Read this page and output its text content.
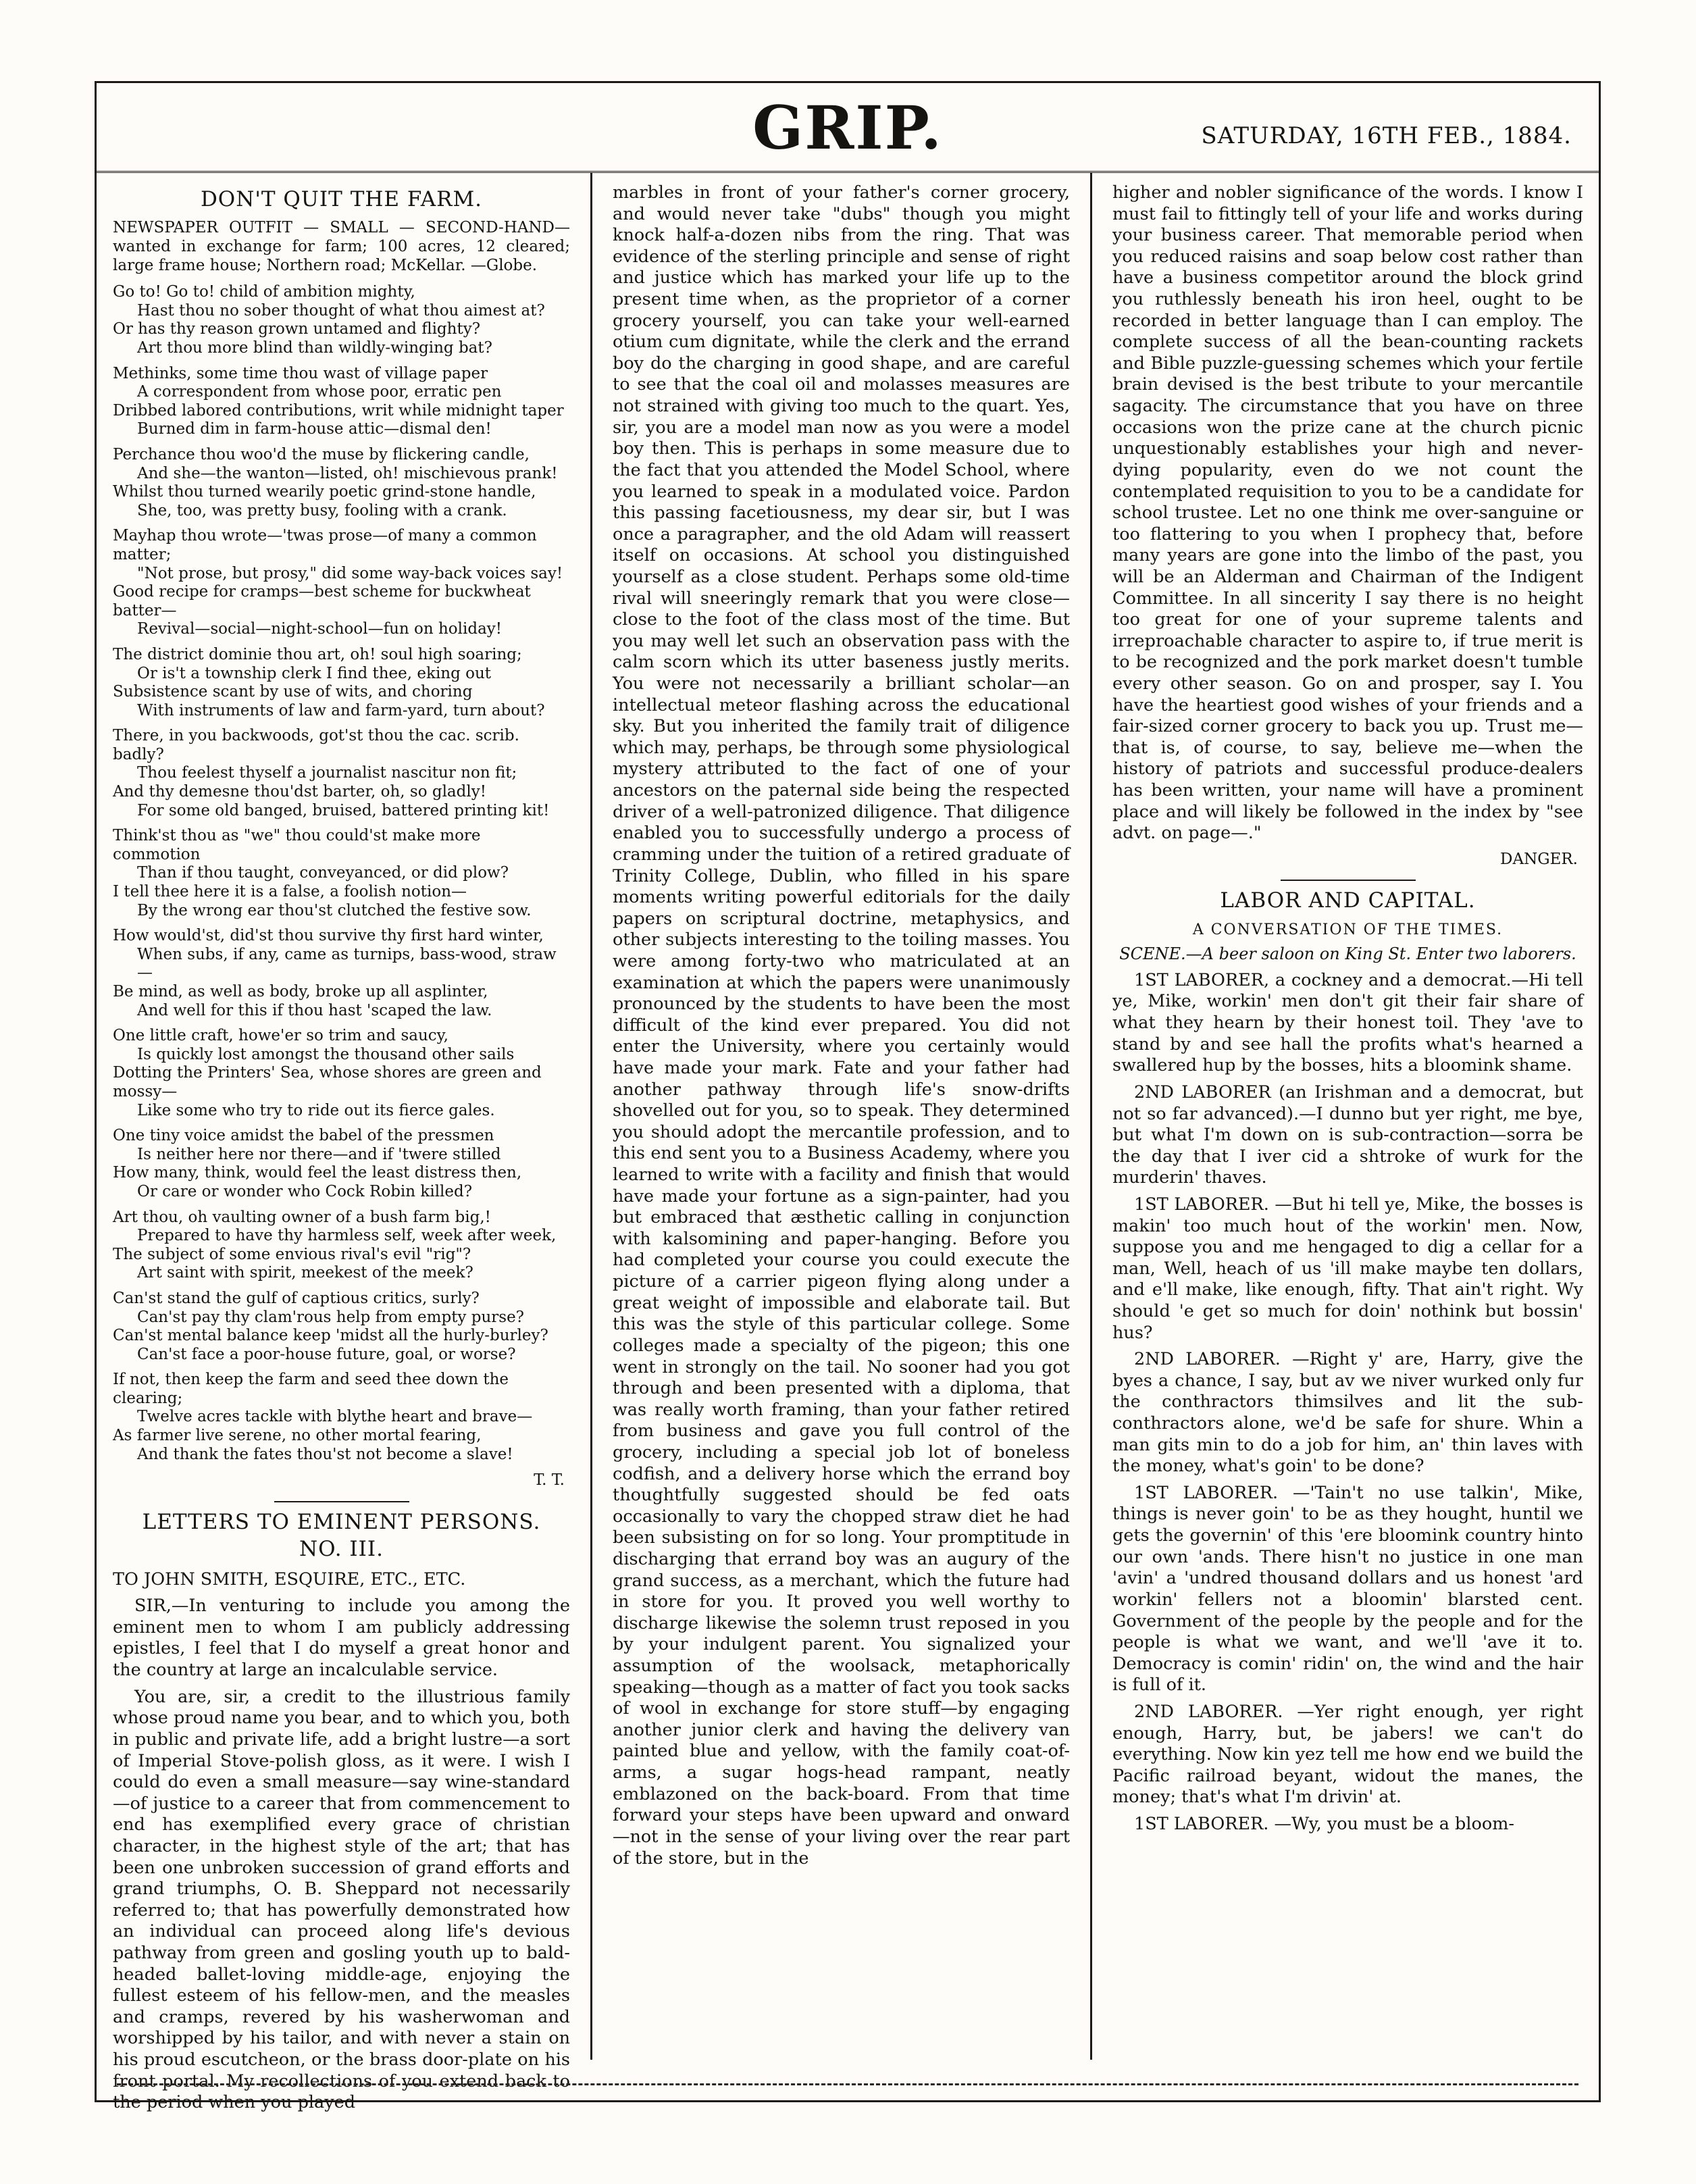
GRIP.	SATURDAY, 16TH FEB., 1884.
DON'T QUIT THE FARM.

NEWSPAPER OUTFIT — SMALL — SECOND-HAND—wanted in exchange for farm; 100 acres, 12 cleared; large frame house; Northern road; McKellar. —Globe.

Go to! Go to! child of ambition mighty,
Hast thou no sober thought of what thou aimest at?
Or has thy reason grown untamed and flighty?
Art thou more blind than wildly-winging bat?
Methinks, some time thou wast of village paper
A correspondent from whose poor, erratic pen
Dribbed labored contributions, writ while midnight taper
Burned dim in farm-house attic—dismal den!
Perchance thou woo'd the muse by flickering candle,
And she—the wanton—listed, oh! mischievous prank!
Whilst thou turned wearily poetic grind-stone handle,
She, too, was pretty busy, fooling with a crank.
Mayhap thou wrote—'twas prose—of many a common matter;
"Not prose, but prosy," did some way-back voices say!
Good recipe for cramps—best scheme for buckwheat batter—
Revival—social—night-school—fun on holiday!
The district dominie thou art, oh! soul high soaring;
Or is't a township clerk I find thee, eking out
Subsistence scant by use of wits, and choring
With instruments of law and farm-yard, turn about?
There, in you backwoods, got'st thou the cac. scrib. badly?
Thou feelest thyself a journalist nascitur non fit;
And thy demesne thou'dst barter, oh, so gladly!
For some old banged, bruised, battered printing kit!
Think'st thou as "we" thou could'st make more commotion
Than if thou taught, conveyanced, or did plow?
I tell thee here it is a false, a foolish notion—
By the wrong ear thou'st clutched the festive sow.
How would'st, did'st thou survive thy first hard winter,
When subs, if any, came as turnips, bass-wood, straw—
Be mind, as well as body, broke up all asplinter,
And well for this if thou hast 'scaped the law.
One little craft, howe'er so trim and saucy,
Is quickly lost amongst the thousand other sails
Dotting the Printers' Sea, whose shores are green and mossy—
Like some who try to ride out its fierce gales.
One tiny voice amidst the babel of the pressmen
Is neither here nor there—and if 'twere stilled
How many, think, would feel the least distress then,
Or care or wonder who Cock Robin killed?
Art thou, oh vaulting owner of a bush farm big,!
Prepared to have thy harmless self, week after week,
The subject of some envious rival's evil "rig"?
Art saint with spirit, meekest of the meek?
Can'st stand the gulf of captious critics, surly?
Can'st pay thy clam'rous help from empty purse?
Can'st mental balance keep 'midst all the hurly-burley?
Can'st face a poor-house future, goal, or worse?
If not, then keep the farm and seed thee down the clearing;
Twelve acres tackle with blythe heart and brave—
As farmer live serene, no other mortal fearing,
And thank the fates thou'st not become a slave!
T. T.
LETTERS TO EMINENT PERSONS.
NO. III.

TO JOHN SMITH, ESQUIRE, ETC., ETC.

SIR,—In venturing to include you among the eminent men to whom I am publicly addressing epistles, I feel that I do myself a great honor and the country at large an incalculable service.

You are, sir, a credit to the illustrious family whose proud name you bear, and to which you, both in public and private life, add a bright lustre—a sort of Imperial Stove-polish gloss, as it were. I wish I could do even a small measure—say wine-standard—of justice to a career that from commencement to end has exemplified every grace of christian character, in the highest style of the art; that has been one unbroken succession of grand efforts and grand triumphs, O. B. Sheppard not necessarily referred to; that has powerfully demonstrated how an individual can proceed along life's devious pathway from green and gosling youth up to bald-headed ballet-loving middle-age, enjoying the fullest esteem of his fellow-men, and the measles and cramps, revered by his washerwoman and worshipped by his tailor, and with never a stain on his proud escutcheon, or the brass door-plate on his front portal. My recollections of you extend back to the period when you played

marbles in front of your father's corner grocery, and would never take "dubs" though you might knock half-a-dozen nibs from the ring. That was evidence of the sterling principle and sense of right and justice which has marked your life up to the present time when, as the proprietor of a corner grocery yourself, you can take your well-earned otium cum dignitate, while the clerk and the errand boy do the charging in good shape, and are careful to see that the coal oil and molasses measures are not strained with giving too much to the quart. Yes, sir, you are a model man now as you were a model boy then. This is perhaps in some measure due to the fact that you attended the Model School, where you learned to speak in a modulated voice. Pardon this passing facetiousness, my dear sir, but I was once a paragrapher, and the old Adam will reassert itself on occasions. At school you distinguished yourself as a close student. Perhaps some old-time rival will sneeringly remark that you were close—close to the foot of the class most of the time. But you may well let such an observation pass with the calm scorn which its utter baseness justly merits. You were not necessarily a brilliant scholar—an intellectual meteor flashing across the educational sky. But you inherited the family trait of diligence which may, perhaps, be through some physiological mystery attributed to the fact of one of your ancestors on the paternal side being the respected driver of a well-patronized diligence. That diligence enabled you to successfully undergo a process of cramming under the tuition of a retired graduate of Trinity College, Dublin, who filled in his spare moments writing powerful editorials for the daily papers on scriptural doctrine, metaphysics, and other subjects interesting to the toiling masses. You were among forty-two who matriculated at an examination at which the papers were unanimously pronounced by the students to have been the most difficult of the kind ever prepared. You did not enter the University, where you certainly would have made your mark. Fate and your father had another pathway through life's snow-drifts shovelled out for you, so to speak. They determined you should adopt the mercantile profession, and to this end sent you to a Business Academy, where you learned to write with a facility and finish that would have made your fortune as a sign-painter, had you but embraced that æsthetic calling in conjunction with kalsomining and paper-hanging. Before you had completed your course you could execute the picture of a carrier pigeon flying along under a great weight of impossible and elaborate tail. But this was the style of this particular college. Some colleges made a specialty of the pigeon; this one went in strongly on the tail. No sooner had you got through and been presented with a diploma, that was really worth framing, than your father retired from business and gave you full control of the grocery, including a special job lot of boneless codfish, and a delivery horse which the errand boy thoughtfully suggested should be fed oats occasionally to vary the chopped straw diet he had been subsisting on for so long. Your promptitude in discharging that errand boy was an augury of the grand success, as a merchant, which the future had in store for you. It proved you well worthy to discharge likewise the solemn trust reposed in you by your indulgent parent. You signalized your assumption of the woolsack, metaphorically speaking—though as a matter of fact you took sacks of wool in exchange for store stuff—by engaging another junior clerk and having the delivery van painted blue and yellow, with the family coat-of-arms, a sugar hogs-head rampant, neatly emblazoned on the back-board. From that time forward your steps have been upward and onward—not in the sense of your living over the rear part of the store, but in the

higher and nobler significance of the words. I know I must fail to fittingly tell of your life and works during your business career. That memorable period when you reduced raisins and soap below cost rather than have a business competitor around the block grind you ruthlessly beneath his iron heel, ought to be recorded in better language than I can employ. The complete success of all the bean-counting rackets and Bible puzzle-guessing schemes which your fertile brain devised is the best tribute to your mercantile sagacity. The circumstance that you have on three occasions won the prize cane at the church picnic unquestionably establishes your high and never-dying popularity, even do we not count the contemplated requisition to you to be a candidate for school trustee. Let no one think me over-sanguine or too flattering to you when I prophecy that, before many years are gone into the limbo of the past, you will be an Alderman and Chairman of the Indigent Committee. In all sincerity I say there is no height too great for one of your supreme talents and irreproachable character to aspire to, if true merit is to be recognized and the pork market doesn't tumble every other season. Go on and prosper, say I. You have the heartiest good wishes of your friends and a fair-sized corner grocery to back you up. Trust me—that is, of course, to say, believe me—when the history of patriots and successful produce-dealers has been written, your name will have a prominent place and will likely be followed in the index by "see advt. on page—."

DANGER.
LABOR AND CAPITAL.
A CONVERSATION OF THE TIMES.

SCENE.—A beer saloon on King St. Enter two laborers.

1ST LABORER, a cockney and a democrat.—Hi tell ye, Mike, workin' men don't git their fair share of what they hearn by their honest toil. They 'ave to stand by and see hall the profits what's hearned a swallered hup by the bosses, hits a bloomink shame.

2ND LABORER (an Irishman and a democrat, but not so far advanced).—I dunno but yer right, me bye, but what I'm down on is sub-contraction—sorra be the day that I iver cid a shtroke of wurk for the murderin' thaves.

1ST LABORER. —But hi tell ye, Mike, the bosses is makin' too much hout of the workin' men. Now, suppose you and me hengaged to dig a cellar for a man, Well, heach of us 'ill make maybe ten dollars, and e'll make, like enough, fifty. That ain't right. Wy should 'e get so much for doin' nothink but bossin' hus?

2ND LABORER. —Right y' are, Harry, give the byes a chance, I say, but av we niver wurked only fur the conthractors thimsilves and lit the sub-conthractors alone, we'd be safe for shure. Whin a man gits min to do a job for him, an' thin laves with the money, what's goin' to be done?

1ST LABORER. —'Tain't no use talkin', Mike, things is never goin' to be as they hought, huntil we gets the governin' of this 'ere bloomink country hinto our own 'ands. There hisn't no justice in one man 'avin' a 'undred thousand dollars and us honest 'ard workin' fellers not a bloomin' blarsted cent. Government of the people by the people and for the people is what we want, and we'll 'ave it to. Democracy is comin' ridin' on, the wind and the hair is full of it.

2ND LABORER. —Yer right enough, yer right enough, Harry, but, be jabers! we can't do everything. Now kin yez tell me how end we build the Pacific railroad beyant, widout the manes, the money; that's what I'm drivin' at.

1ST LABORER. —Wy, you must be a bloom-
